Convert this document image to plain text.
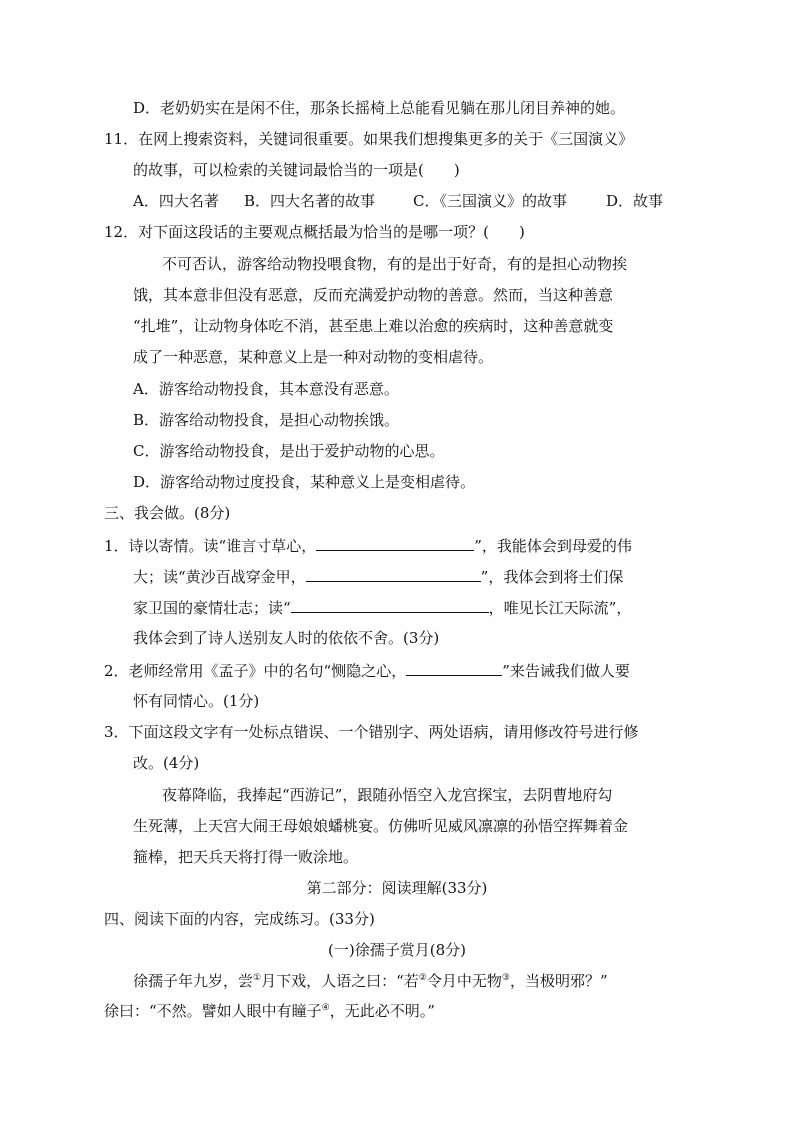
D．老奶奶实在是闲不住，那条长摇椅上总能看见躺在那儿闭目养神的她。
11．在网上搜索资料，关键词很重要。如果我们想搜集更多的关于《三国演义》
的故事，可以检索的关键词最恰当的一项是(　　)
A．四大名著 B．四大名著的故事	C．《三国演义》的故事	D．故事
12．对下面这段话的主要观点概括最为恰当的是哪一项？(　　)
不可否认，游客给动物投喂食物，有的是出于好奇，有的是担心动物挨
饿，其本意非但没有恶意，反而充满爱护动物的善意。然而，当这种善意
“扎堆”，让动物身体吃不消，甚至患上难以治愈的疾病时，这种善意就变
成了一种恶意，某种意义上是一种对动物的变相虐待。
A．游客给动物投食，其本意没有恶意。
B．游客给动物投食，是担心动物挨饿。
C．游客给动物投食，是出于爱护动物的心思。
D．游客给动物过度投食，某种意义上是变相虐待。
三、我会做。(8分)
1．诗以寄情。读“谁言寸草心，	”，我能体会到母爱的伟
大；读“黄沙百战穿金甲，	”，我体会到将士们保
家卫国的豪情壮志；读“	，唯见长江天际流”，
我体会到了诗人送别友人时的依依不舍。(3分)
2．老师经常用《孟子》中的名句“恻隐之心，	”来告诫我们做人要
怀有同情心。(1分)
3．下面这段文字有一处标点错误、一个错别字、两处语病，请用修改符号进行修
改。(4分)
夜幕降临，我捧起“西游记”，跟随孙悟空入龙宫探宝，去阴曹地府勾
生死薄，上天宫大闹王母娘娘蟠桃宴。仿佛听见威风凛凛的孙悟空挥舞着金
箍棒，把天兵天将打得一败涂地。
第二部分：阅读理解(33分)
四、阅读下面的内容，完成练习。(33分)
(一)徐孺子赏月(8分)
徐孺子年九岁，尝①月下戏，人语之曰：“若②令月中无物③，当极明邪？”
徐曰：“不然。譬如人眼中有瞳子④，无此必不明。”
